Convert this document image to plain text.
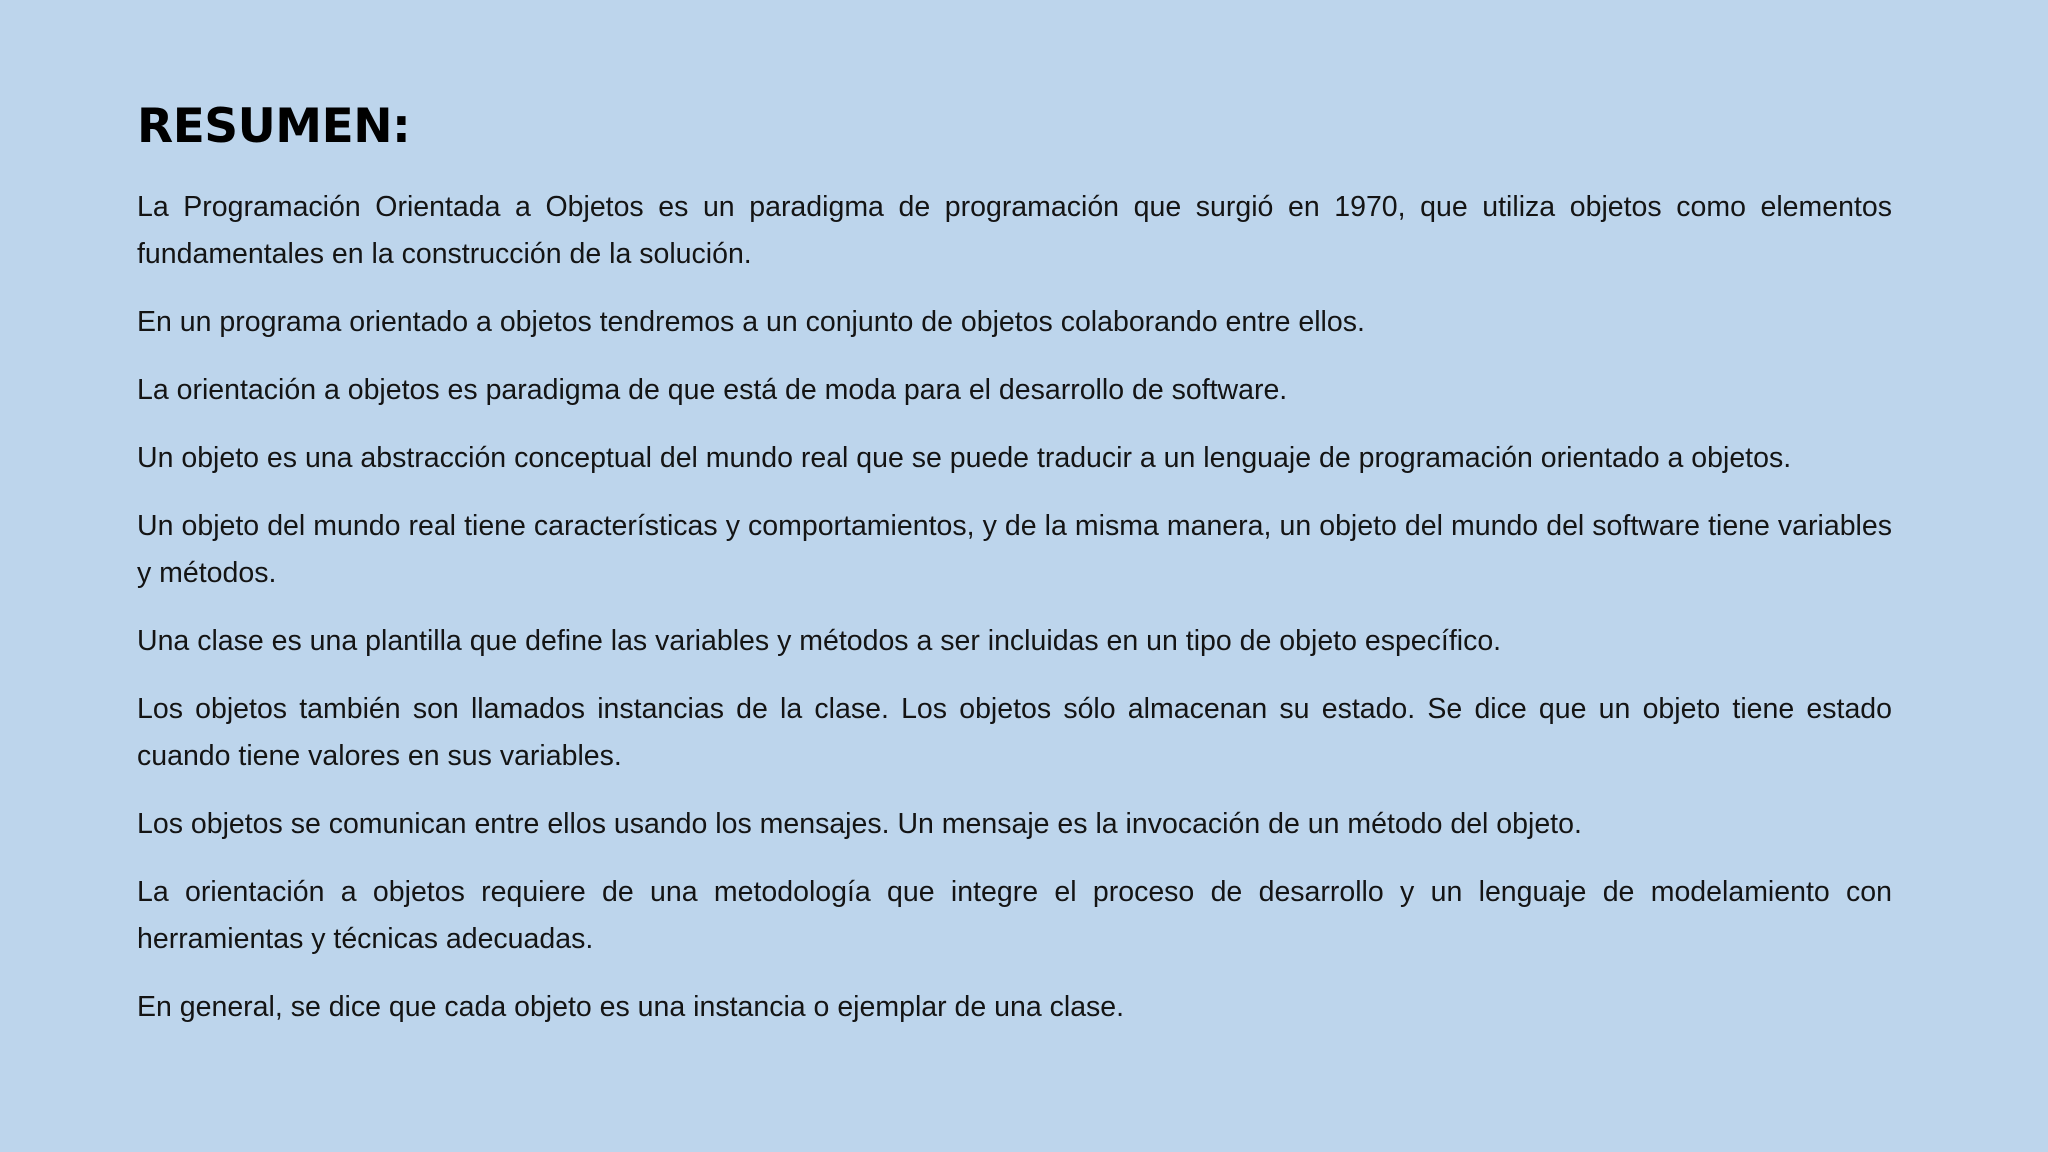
RESUMEN:

La Programación Orientada a Objetos es un paradigma de programación que surgió en 1970, que utiliza objetos como elementos fundamentales en la construcción de la solución.

En un programa orientado a objetos tendremos a un conjunto de objetos colaborando entre ellos.

La orientación a objetos es paradigma de que está de moda para el desarrollo de software.

Un objeto es una abstracción conceptual del mundo real que se puede traducir a un lenguaje de programación orientado a objetos.

Un objeto del mundo real tiene características y comportamientos, y de la misma manera, un objeto del mundo del software tiene variables y métodos.

Una clase es una plantilla que define las variables y métodos a ser incluidas en un tipo de objeto específico.

Los objetos también son llamados instancias de la clase. Los objetos sólo almacenan su estado. Se dice que un objeto tiene estado cuando tiene valores en sus variables.

Los objetos se comunican entre ellos usando los mensajes. Un mensaje es la invocación de un método del objeto.

La orientación a objetos requiere de una metodología que integre el proceso de desarrollo y un lenguaje de modelamiento con herramientas y técnicas adecuadas.

En general, se dice que cada objeto es una instancia o ejemplar de una clase.
